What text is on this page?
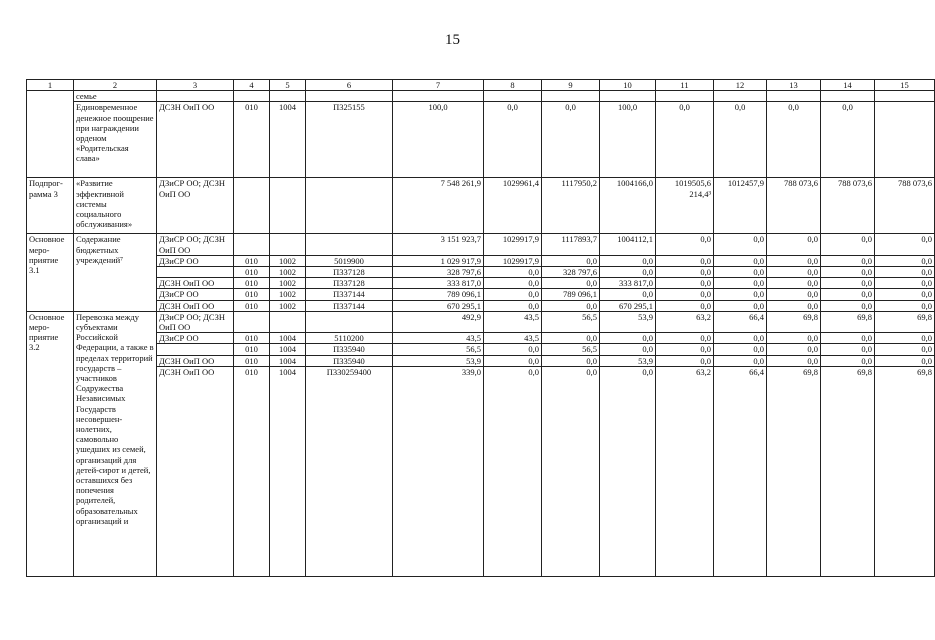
15
1	2	3	4	5	6	7	8	9	10	11	12	13	14	15
	семье													
	Единовременное денежное поощрение при награждении орденом «Родительская слава»	ДСЗН ОиП ОО	010	1004	П325155	100,0	0,0	0,0	100,0	0,0	0,0	0,0	0,0	
Подпрог-рамма 3	«Развитие эффективной системы социального обслуживания»	ДЗиСР ОО; ДСЗН ОиП ОО				7 548 261,9	1029961,4	1117950,2	1004166,0	1019505,6 214,4³	1012457,9	788 073,6	788 073,6	788 073,6
Основное меро-приятие 3.1	Содержание бюджетных учреждений⁷	ДЗиСР ОО; ДСЗН ОиП ОО				3 151 923,7	1029917,9	1117893,7	1004112,1	0,0	0,0	0,0	0,0	0,0
		ДЗиСР ОО	010	1002	5019900	1 029 917,9	1029917,9	0,0	0,0	0,0	0,0	0,0	0,0	0,0
			010	1002	П337128	328 797,6	0,0	328 797,6	0,0	0,0	0,0	0,0	0,0	0,0
		ДСЗН ОиП ОО	010	1002	П337128	333 817,0	0,0	0,0	333 817,0	0,0	0,0	0,0	0,0	0,0
		ДЗиСР ОО	010	1002	П337144	789 096,1	0,0	789 096,1	0,0	0,0	0,0	0,0	0,0	0,0
		ДСЗН ОиП ОО	010	1002	П337144	670 295,1	0,0	0,0	670 295,1	0,0	0,0	0,0	0,0	0,0
Основное меро-приятие 3.2	Перевозка между субъектами Российской Федерации, а также в пределах территорий государств – участников Содружества Независимых Государств несовершен-нолетних, самовольно ушедших из семей, организаций для детей-сирот и детей, оставшихся без попечения родителей, образовательных организаций и	ДЗиСР ОО; ДСЗН ОиП ОО				492,9	43,5	56,5	53,9	63,2	66,4	69,8	69,8	69,8
		ДЗиСР ОО	010	1004	5110200	43,5	43,5	0,0	0,0	0,0	0,0	0,0	0,0	0,0
			010	1004	П335940	56,5	0,0	56,5	0,0	0,0	0,0	0,0	0,0	0,0
		ДСЗН ОиП ОО	010	1004	П335940	53,9	0,0	0,0	53,9	0,0	0,0	0,0	0,0	0,0
		ДСЗН ОиП ОО	010	1004	П330259400	339,0	0,0	0,0	0,0	63,2	66,4	69,8	69,8	69,8
